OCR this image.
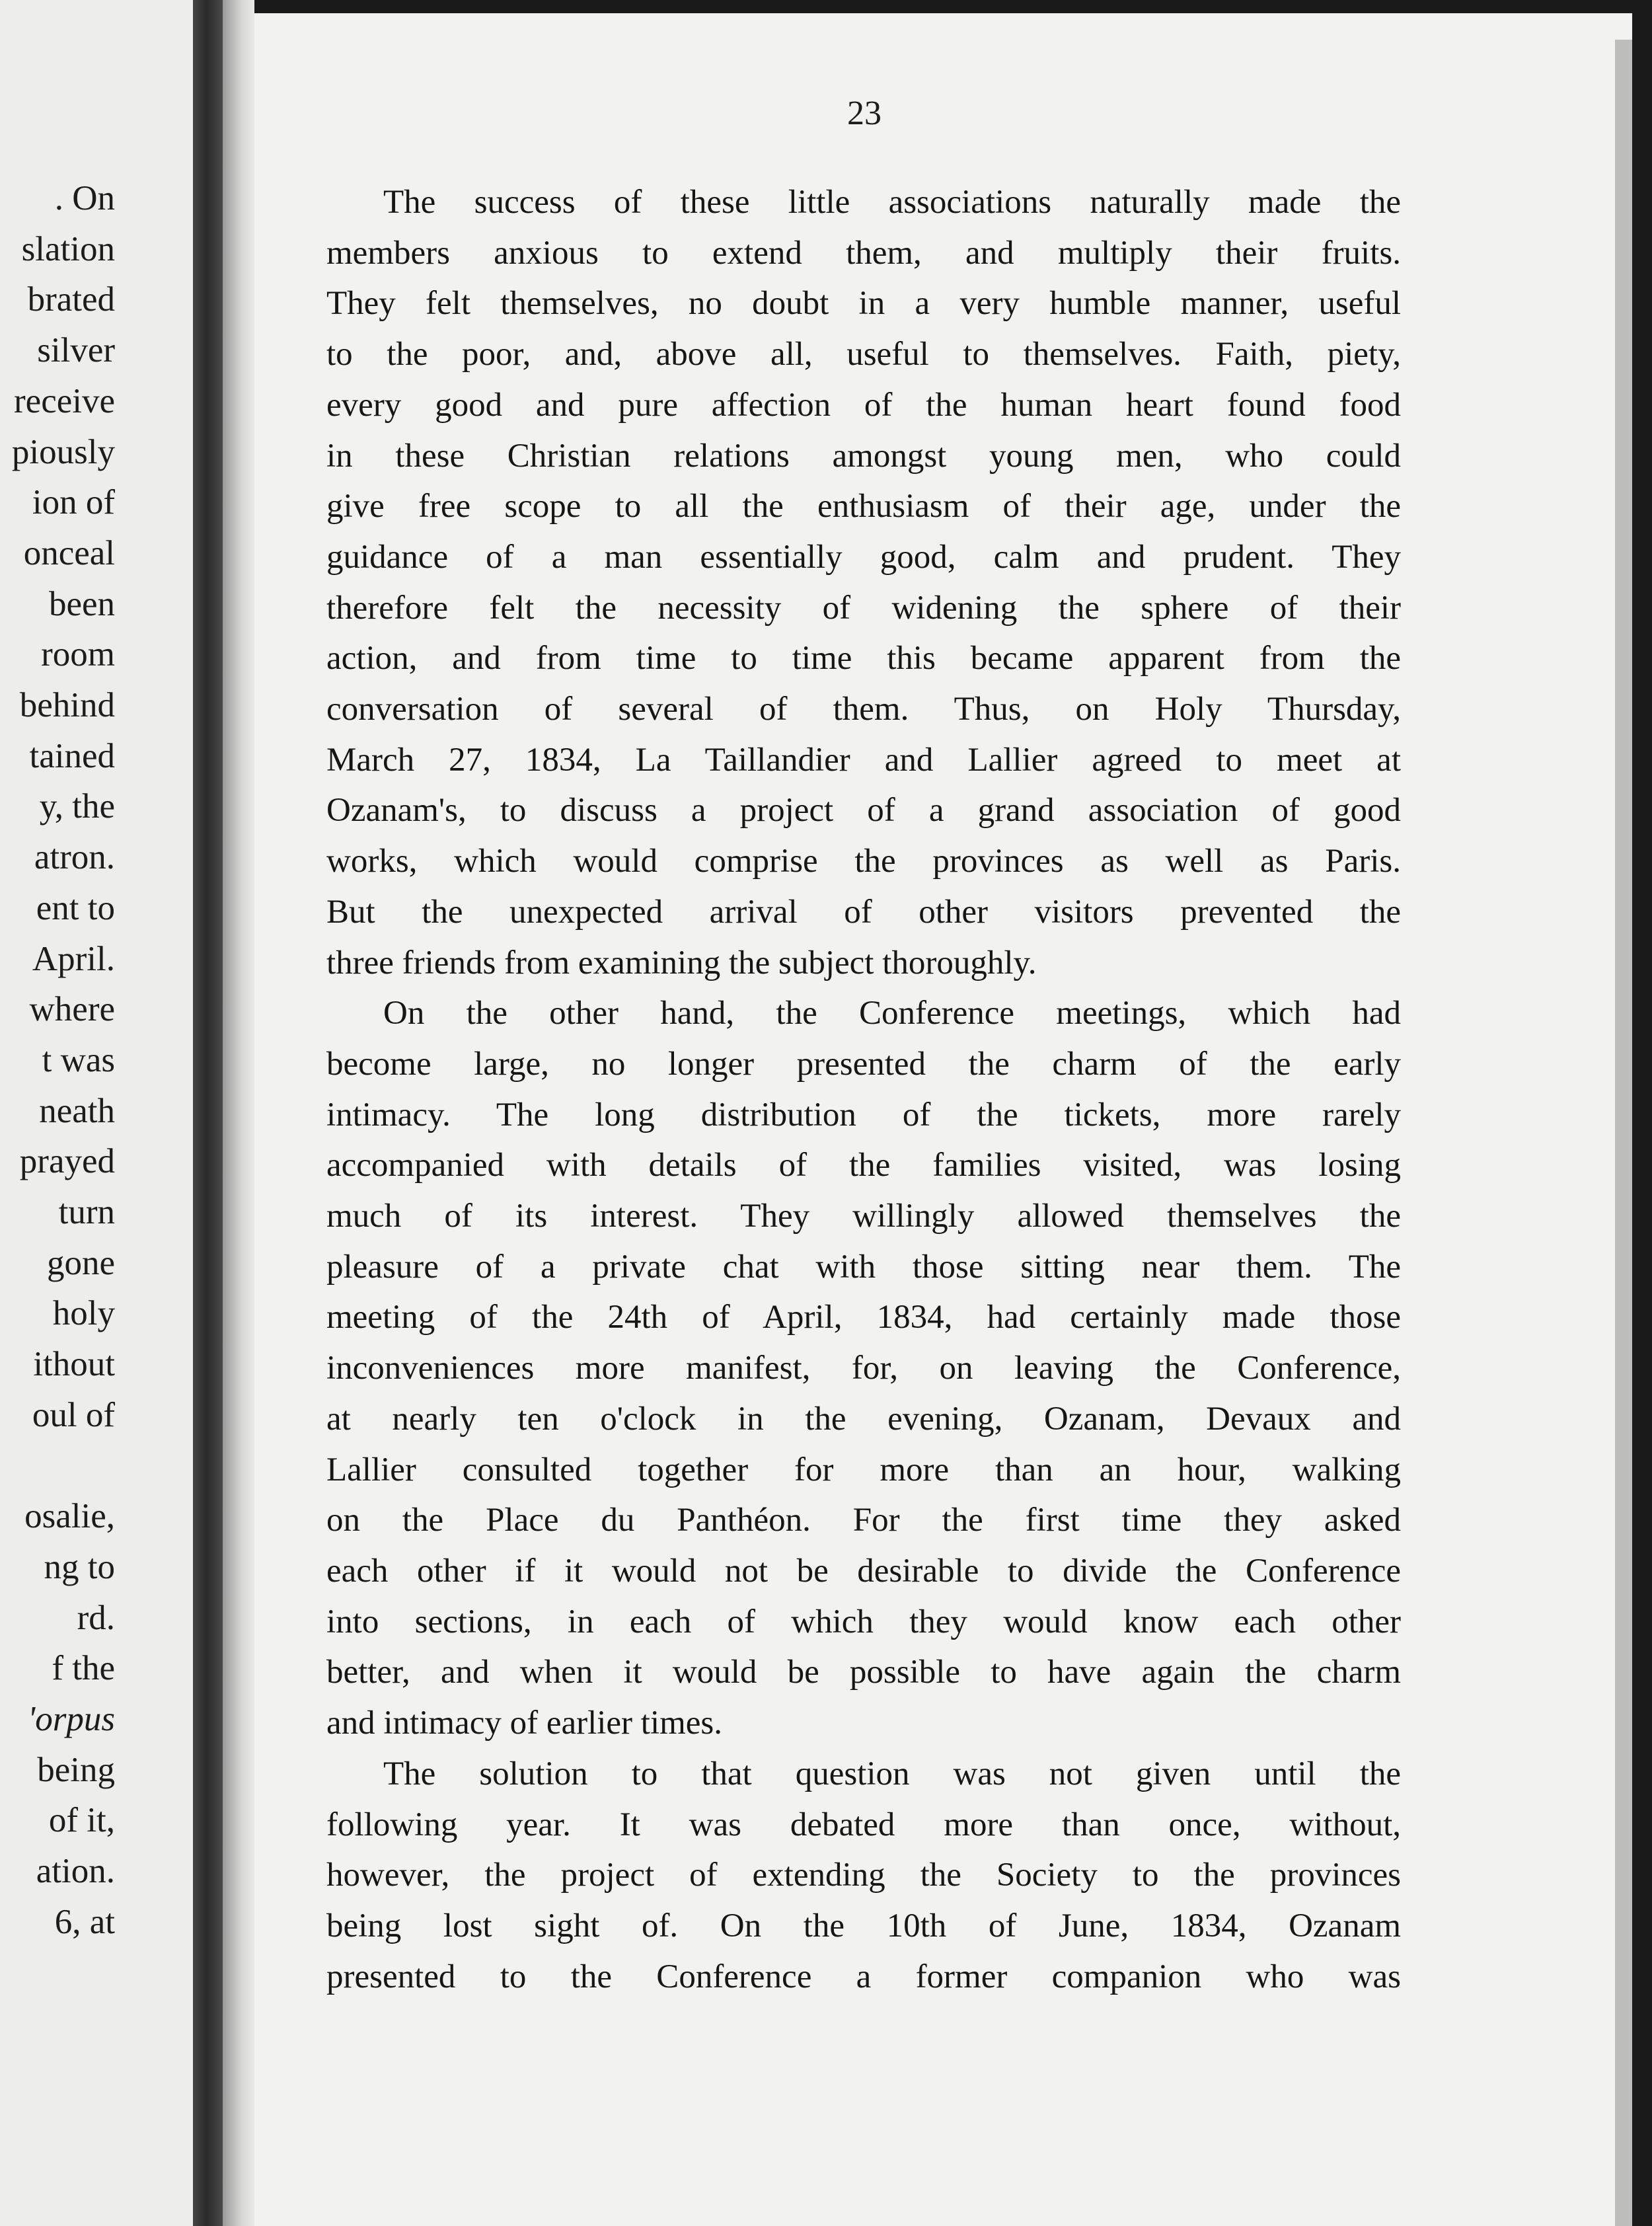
. On
slation
brated
silver
receive
piously
ion of
onceal
been
room
behind
tained
y, the
atron.
ent to
April.
where
t was
neath
prayed
turn
gone
holy
ithout
oul of
osalie,
ng to
rd.
f the
'orpus
being
of it,
ation.
6, at
23
The success of these little associations naturally made the
members anxious to extend them, and multiply their fruits.
They felt themselves, no doubt in a very humble manner, useful
to the poor, and, above all, useful to themselves. Faith, piety,
every good and pure affection of the human heart found food
in these Christian relations amongst young men, who could
give free scope to all the enthusiasm of their age, under the
guidance of a man essentially good, calm and prudent. They
therefore felt the necessity of widening the sphere of their
action, and from time to time this became apparent from the
conversation of several of them. Thus, on Holy Thursday,
March 27, 1834, La Taillandier and Lallier agreed to meet at
Ozanam's, to discuss a project of a grand association of good
works, which would comprise the provinces as well as Paris.
But the unexpected arrival of other visitors prevented the
three friends from examining the subject thoroughly.
On the other hand, the Conference meetings, which had
become large, no longer presented the charm of the early
intimacy. The long distribution of the tickets, more rarely
accompanied with details of the families visited, was losing
much of its interest. They willingly allowed themselves the
pleasure of a private chat with those sitting near them. The
meeting of the 24th of April, 1834, had certainly made those
inconveniences more manifest, for, on leaving the Conference,
at nearly ten o'clock in the evening, Ozanam, Devaux and
Lallier consulted together for more than an hour, walking
on the Place du Panthéon. For the first time they asked
each other if it would not be desirable to divide the Conference
into sections, in each of which they would know each other
better, and when it would be possible to have again the charm
and intimacy of earlier times.
The solution to that question was not given until the
following year. It was debated more than once, without,
however, the project of extending the Society to the provinces
being lost sight of. On the 10th of June, 1834, Ozanam
presented to the Conference a former companion who was
